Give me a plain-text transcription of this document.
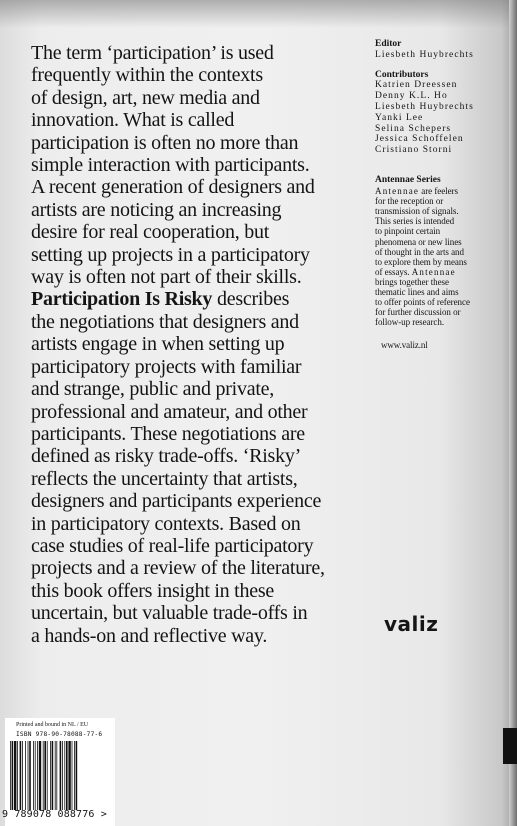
The term ‘participation’ is used
frequently within the contexts
of design, art, new media and
innovation. What is called
participation is often no more than
simple interaction with participants.
A recent generation of designers and
artists are noticing an increasing
desire for real cooperation, but
setting up projects in a participatory
way is often not part of their skills.
Participation Is Risky describes
the negotiations that designers and
artists engage in when setting up
participatory projects with familiar
and strange, public and private,
professional and amateur, and other
participants. These negotiations are
defined as risky trade-offs. ‘Risky’
reflects the uncertainty that artists,
designers and participants experience
in participatory contexts. Based on
case studies of real-life participatory
projects and a review of the literature,
this book offers insight in these
uncertain, but valuable trade-offs in
a hands-on and reflective way.

Editor
Liesbeth Huybrechts
Contributors
Katrien Dreessen
Denny K.L. Ho
Liesbeth Huybrechts
Yanki Lee
Selina Schepers
Jessica Schoffelen
Cristiano Storni
Antennae Series
Antennae are feelers
for the reception or
transmission of signals.
This series is intended
to pinpoint certain
phenomena or new lines
of thought in the arts and
to explore them by means
of essays. Antennae
brings together these
thematic lines and aims
to offer points of reference
for further discussion or
follow-up research.
www.valiz.nl
valiz
Printed and bound in NL / EU
ISBN 978-90-78088-77-6
9 789078 088776 >
